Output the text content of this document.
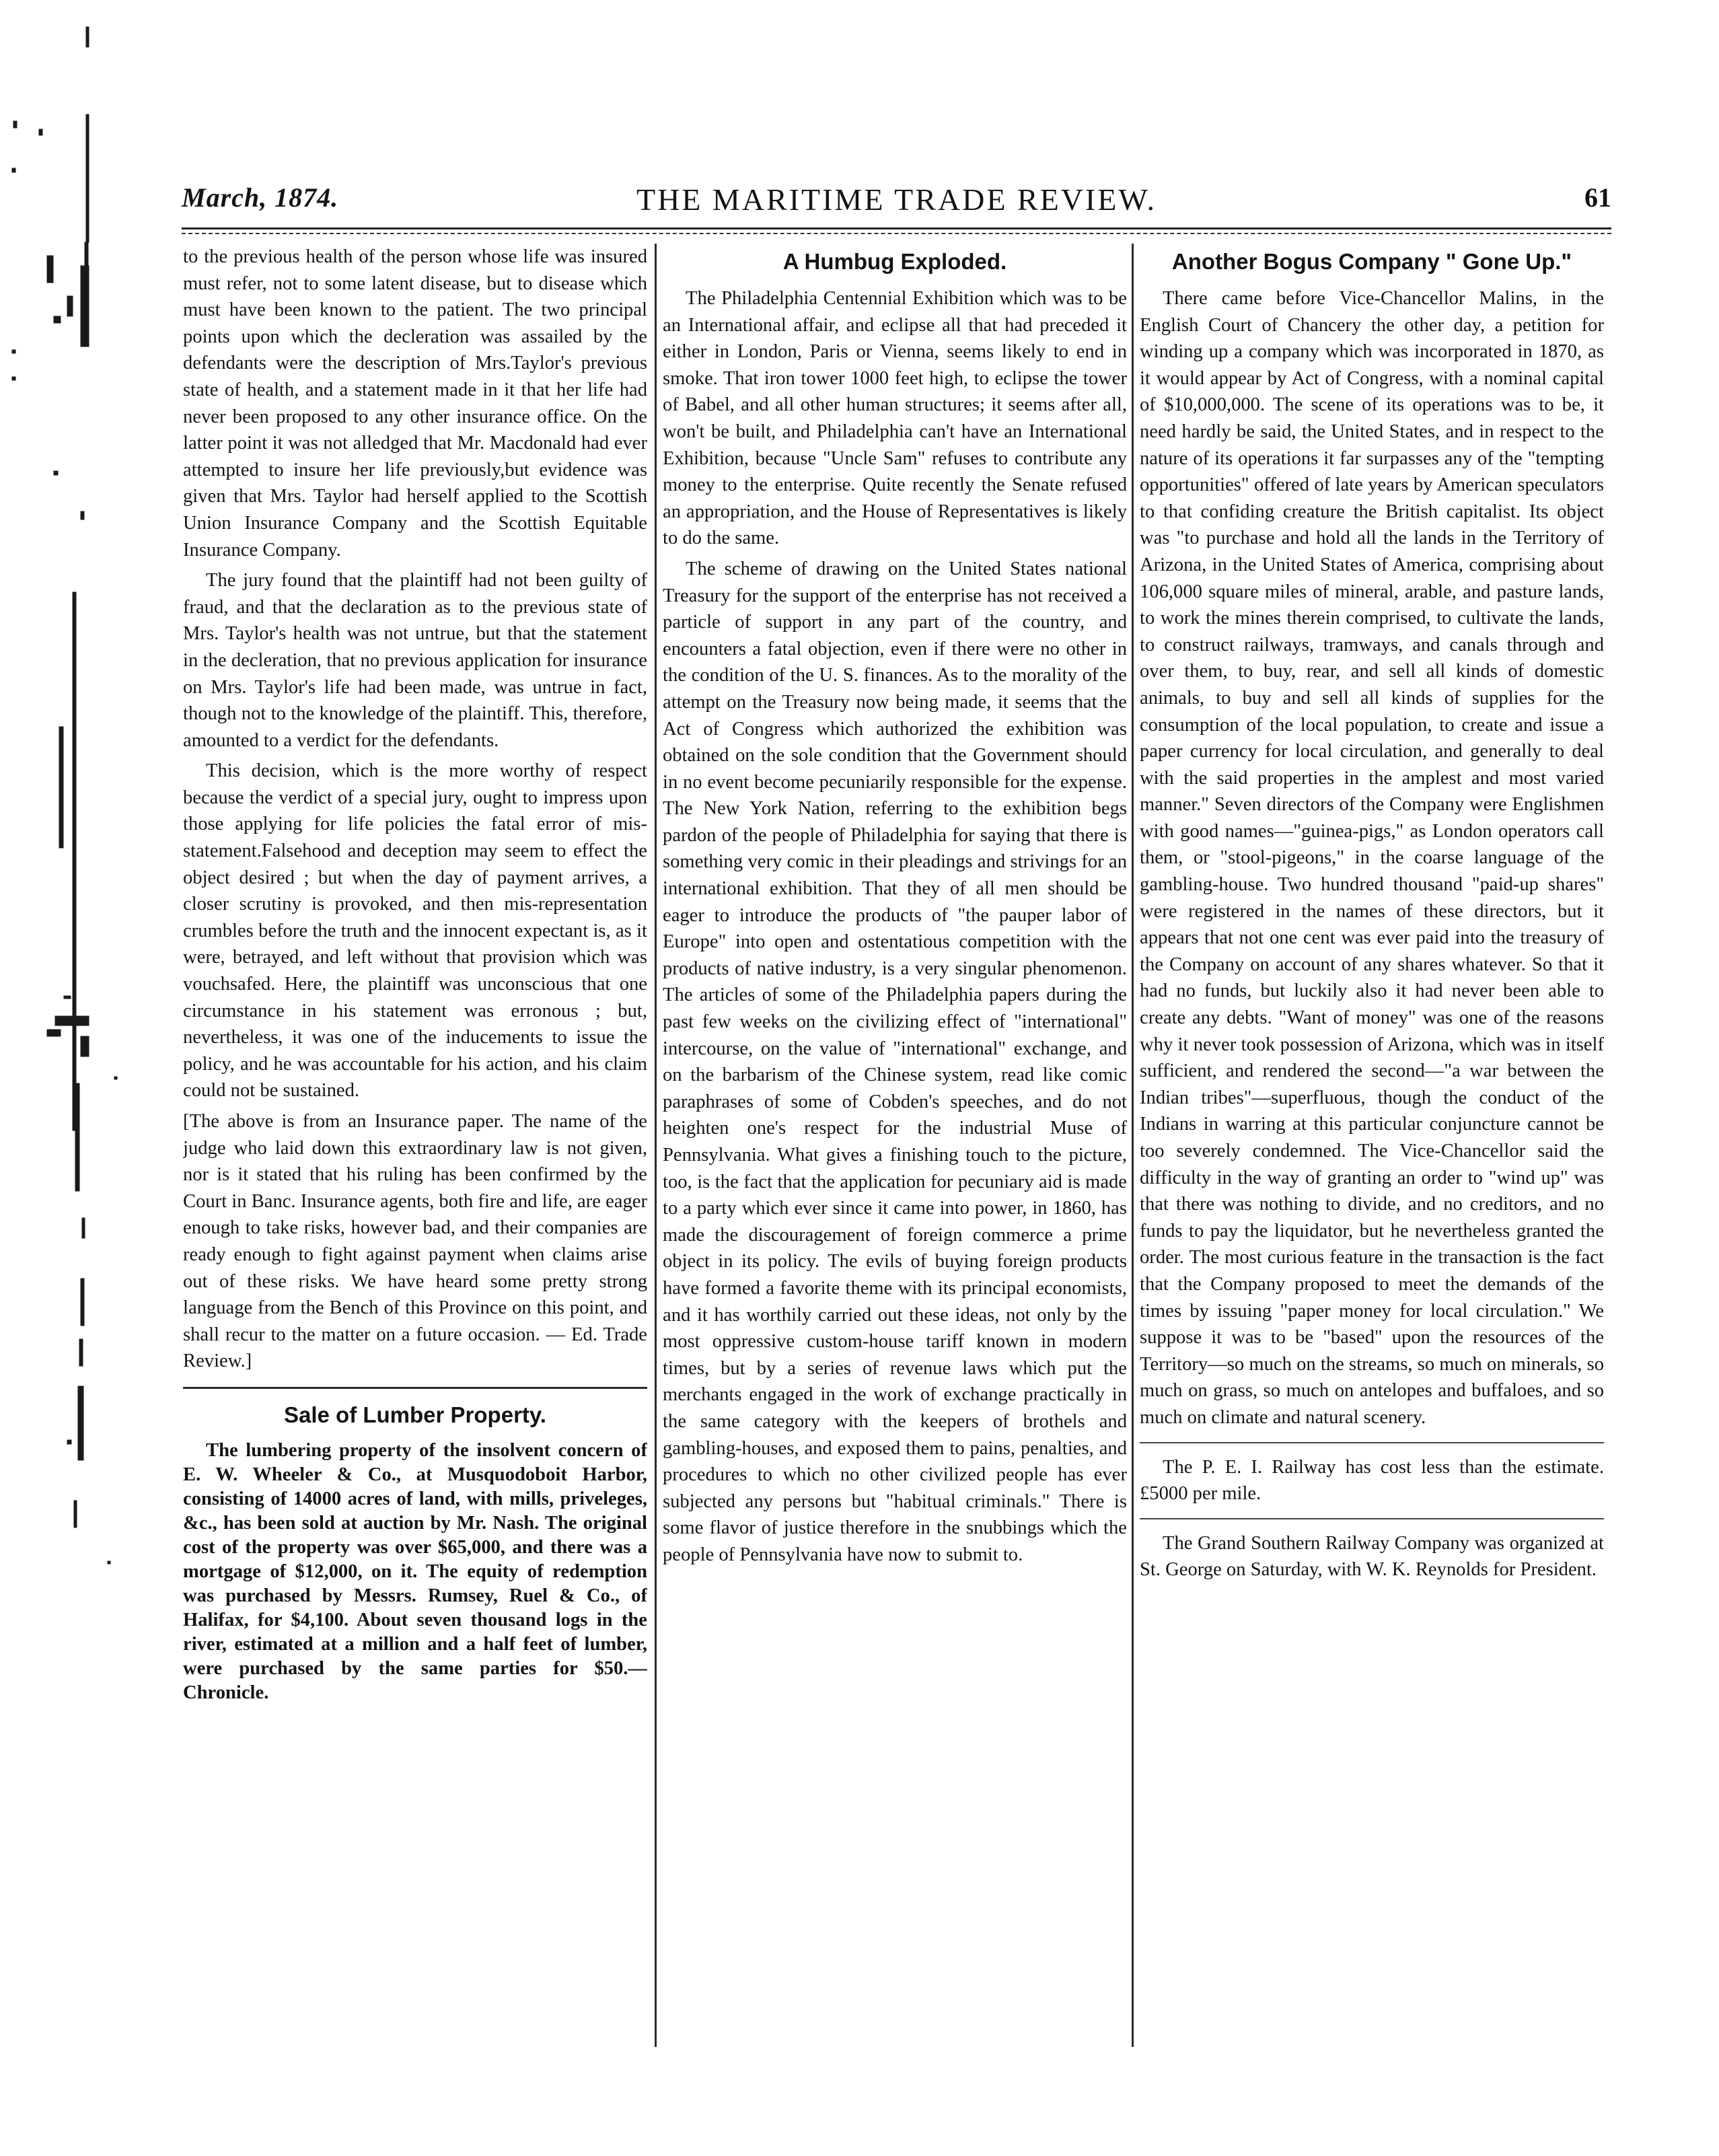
March, 1874.	THE MARITIME TRADE REVIEW.	61

to the previous health of the person whose life was insured must refer, not to some latent disease, but to disease which must have been known to the patient. The two principal points upon which the decleration was assailed by the defendants were the description of Mrs.Taylor's previous state of health, and a statement made in it that her life had never been proposed to any other insurance office. On the latter point it was not alledged that Mr. Macdonald had ever attempted to insure her life previously,but evidence was given that Mrs. Taylor had herself applied to the Scottish Union Insurance Company and the Scottish Equitable Insurance Company.

The jury found that the plaintiff had not been guilty of fraud, and that the declaration as to the previous state of Mrs. Taylor's health was not untrue, but that the statement in the decleration, that no previous application for insurance on Mrs. Taylor's life had been made, was untrue in fact, though not to the knowledge of the plaintiff. This, therefore, amounted to a verdict for the defendants.

This decision, which is the more worthy of respect because the verdict of a special jury, ought to impress upon those applying for life policies the fatal error of mis-statement.Falsehood and deception may seem to effect the object desired ; but when the day of payment arrives, a closer scrutiny is provoked, and then mis-representation crumbles before the truth and the innocent expectant is, as it were, betrayed, and left without that provision which was vouchsafed. Here, the plaintiff was unconscious that one circumstance in his statement was erronous ; but, nevertheless, it was one of the inducements to issue the policy, and he was accountable for his action, and his claim could not be sustained.

[The above is from an Insurance paper. The name of the judge who laid down this extraordinary law is not given, nor is it stated that his ruling has been confirmed by the Court in Banc. Insurance agents, both fire and life, are eager enough to take risks, however bad, and their companies are ready enough to fight against payment when claims arise out of these risks. We have heard some pretty strong language from the Bench of this Province on this point, and shall recur to the matter on a future occasion. — Ed. Trade Review.]

Sale of Lumber Property.

The lumbering property of the insolvent concern of E. W. Wheeler & Co., at Musquodoboit Harbor, consisting of 14000 acres of land, with mills, priveleges, &c., has been sold at auction by Mr. Nash. The original cost of the property was over $65,000, and there was a mortgage of $12,000, on it. The equity of redemption was purchased by Messrs. Rumsey, Ruel & Co., of Halifax, for $4,100. About seven thousand logs in the river, estimated at a million and a half feet of lumber, were purchased by the same parties for $50.—Chronicle.

A Humbug Exploded.

The Philadelphia Centennial Exhibition which was to be an International affair, and eclipse all that had preceded it either in London, Paris or Vienna, seems likely to end in smoke. That iron tower 1000 feet high, to eclipse the tower of Babel, and all other human structures; it seems after all, won't be built, and Philadelphia can't have an International Exhibition, because "Uncle Sam" refuses to contribute any money to the enterprise. Quite recently the Senate refused an appropriation, and the House of Representatives is likely to do the same.

The scheme of drawing on the United States national Treasury for the support of the enterprise has not received a particle of support in any part of the country, and encounters a fatal objection, even if there were no other in the condition of the U. S. finances. As to the morality of the attempt on the Treasury now being made, it seems that the Act of Congress which authorized the exhibition was obtained on the sole condition that the Government should in no event become pecuniarily responsible for the expense. The New York Nation, referring to the exhibition begs pardon of the people of Philadelphia for saying that there is something very comic in their pleadings and strivings for an international exhibition. That they of all men should be eager to introduce the products of "the pauper labor of Europe" into open and ostentatious competition with the products of native industry, is a very singular phenomenon. The articles of some of the Philadelphia papers during the past few weeks on the civilizing effect of "international" intercourse, on the value of "international" exchange, and on the barbarism of the Chinese system, read like comic paraphrases of some of Cobden's speeches, and do not heighten one's respect for the industrial Muse of Pennsylvania. What gives a finishing touch to the picture, too, is the fact that the application for pecuniary aid is made to a party which ever since it came into power, in 1860, has made the discouragement of foreign commerce a prime object in its policy. The evils of buying foreign products have formed a favorite theme with its principal economists, and it has worthily carried out these ideas, not only by the most oppressive custom-house tariff known in modern times, but by a series of revenue laws which put the merchants engaged in the work of exchange practically in the same category with the keepers of brothels and gambling-houses, and exposed them to pains, penalties, and procedures to which no other civilized people has ever subjected any persons but "habitual criminals." There is some flavor of justice therefore in the snubbings which the people of Pennsylvania have now to submit to.

Another Bogus Company " Gone Up."

There came before Vice-Chancellor Malins, in the English Court of Chancery the other day, a petition for winding up a company which was incorporated in 1870, as it would appear by Act of Congress, with a nominal capital of $10,000,000. The scene of its operations was to be, it need hardly be said, the United States, and in respect to the nature of its operations it far surpasses any of the "tempting opportunities" offered of late years by American speculators to that confiding creature the British capitalist. Its object was "to purchase and hold all the lands in the Territory of Arizona, in the United States of America, comprising about 106,000 square miles of mineral, arable, and pasture lands, to work the mines therein comprised, to cultivate the lands, to construct railways, tramways, and canals through and over them, to buy, rear, and sell all kinds of domestic animals, to buy and sell all kinds of supplies for the consumption of the local population, to create and issue a paper currency for local circulation, and generally to deal with the said properties in the amplest and most varied manner." Seven directors of the Company were Englishmen with good names—"guinea-pigs," as London operators call them, or "stool-pigeons," in the coarse language of the gambling-house. Two hundred thousand "paid-up shares" were registered in the names of these directors, but it appears that not one cent was ever paid into the treasury of the Company on account of any shares whatever. So that it had no funds, but luckily also it had never been able to create any debts. "Want of money" was one of the reasons why it never took possession of Arizona, which was in itself sufficient, and rendered the second—"a war between the Indian tribes"—superfluous, though the conduct of the Indians in warring at this particular conjuncture cannot be too severely condemned. The Vice-Chancellor said the difficulty in the way of granting an order to "wind up" was that there was nothing to divide, and no creditors, and no funds to pay the liquidator, but he nevertheless granted the order. The most curious feature in the transaction is the fact that the Company proposed to meet the demands of the times by issuing "paper money for local circulation." We suppose it was to be "based" upon the resources of the Territory—so much on the streams, so much on minerals, so much on grass, so much on antelopes and buffaloes, and so much on climate and natural scenery.

The P. E. I. Railway has cost less than the estimate. £5000 per mile.

The Grand Southern Railway Company was organized at St. George on Saturday, with W. K. Reynolds for President.
